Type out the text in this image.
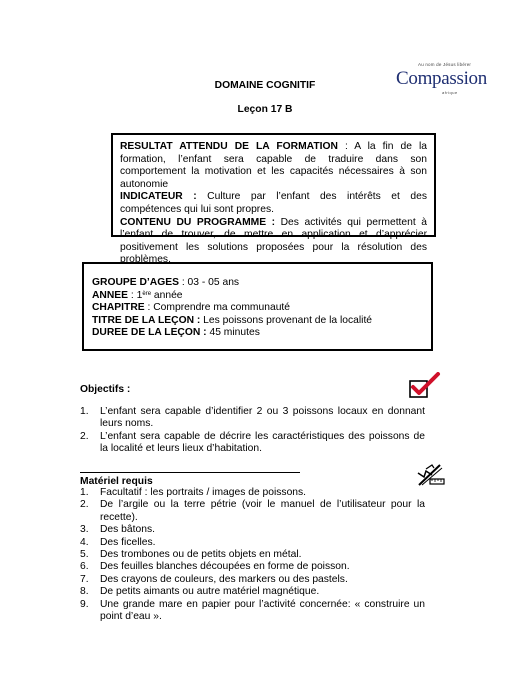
Au nom de Jésus libérer
Compassion
afrique
DOMAINE COGNITIF
Leçon 17 B

RESULTAT ATTENDU DE LA FORMATION : A la fin de la formation, l’enfant sera capable de traduire dans son comportement la motivation et les capacités nécessaires à son autonomie

INDICATEUR : Culture par l’enfant des intérêts et des compétences qui lui sont propres.

CONTENU DU PROGRAMME : Des activités qui permettent à l’enfant de trouver, de mettre en application et d’apprécier positivement les solutions proposées pour la résolution des problèmes.

GROUPE D’AGES : 03 - 05 ans

ANNEE : 1ère année

CHAPITRE : Comprendre ma communauté

TITRE DE LA LEÇON : Les poissons provenant de la localité

DUREE DE LA LEÇON : 45 minutes

Objectifs :
1. L’enfant sera capable d’identifier 2 ou 3 poissons locaux en donnant leurs noms.
2. L’enfant sera capable de décrire les caractéristiques des poissons de la localité et leurs lieux d’habitation.
Matériel requis
1. Facultatif : les portraits / images de poissons.
2. De l’argile ou la terre pétrie (voir le manuel de l’utilisateur pour la recette).
3. Des bâtons.
4. Des ficelles.
5. Des trombones ou de petits objets en métal.
6. Des feuilles blanches découpées en forme de poisson.
7. Des crayons de couleurs, des markers ou des pastels.
8. De petits aimants ou autre matériel magnétique.
9. Une grande mare en papier pour l’activité concernée: « construire un point d’eau ».
